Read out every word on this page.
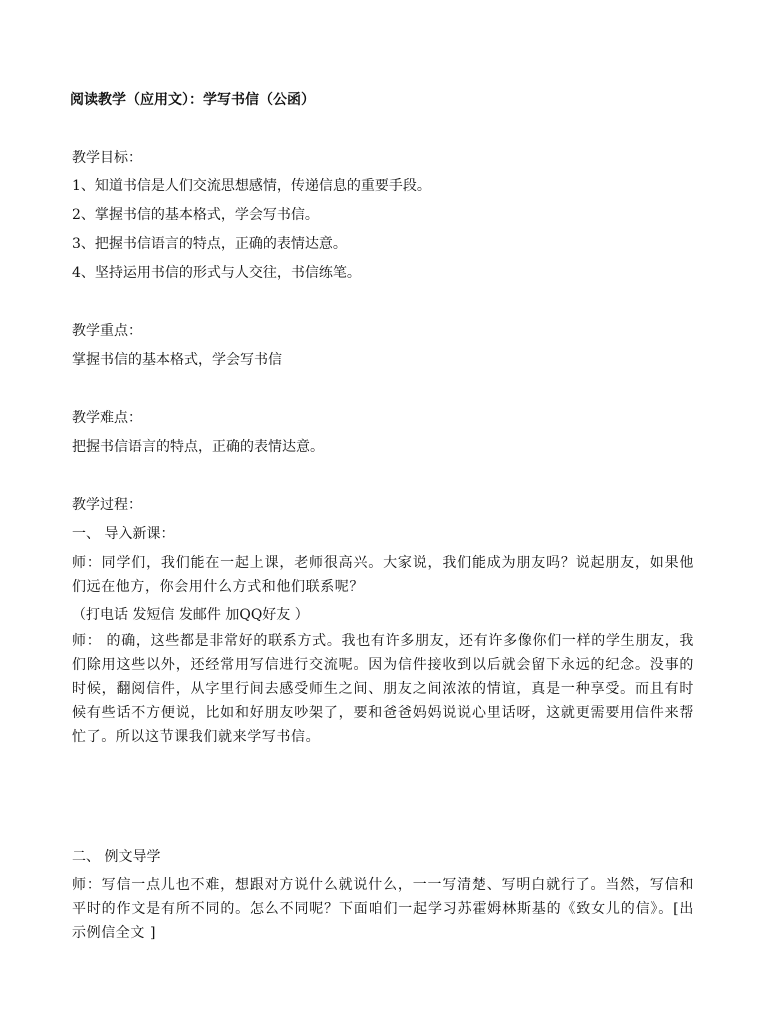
阅读教学（应用文）：学写书信（公函）
教学目标：
1、知道书信是人们交流思想感情，传递信息的重要手段。
2、掌握书信的基本格式，学会写书信。
3、把握书信语言的特点，正确的表情达意。
4、坚持运用书信的形式与人交往，书信练笔。
教学重点：
掌握书信的基本格式，学会写书信
教学难点：
把握书信语言的特点，正确的表情达意。
教学过程：
一、 导入新课：
师：同学们，我们能在一起上课，老师很高兴。大家说，我们能成为朋友吗？说起朋友，如果他们远在他方，你会用什么方式和他们联系呢？
（打电话 发短信 发邮件 加QQ好友 ）
师： 的确，这些都是非常好的联系方式。我也有许多朋友，还有许多像你们一样的学生朋友，我们除用这些以外，还经常用写信进行交流呢。因为信件接收到以后就会留下永远的纪念。没事的时候，翻阅信件，从字里行间去感受师生之间、朋友之间浓浓的情谊，真是一种享受。而且有时候有些话不方便说，比如和好朋友吵架了，要和爸爸妈妈说说心里话呀，这就更需要用信件来帮忙了。所以这节课我们就来学写书信。
二、 例文导学
师：写信一点儿也不难，想跟对方说什么就说什么，一一写清楚、写明白就行了。当然，写信和平时的作文是有所不同的。怎么不同呢？下面咱们一起学习苏霍姆林斯基的《致女儿的信》。[出示例信全文 ]
